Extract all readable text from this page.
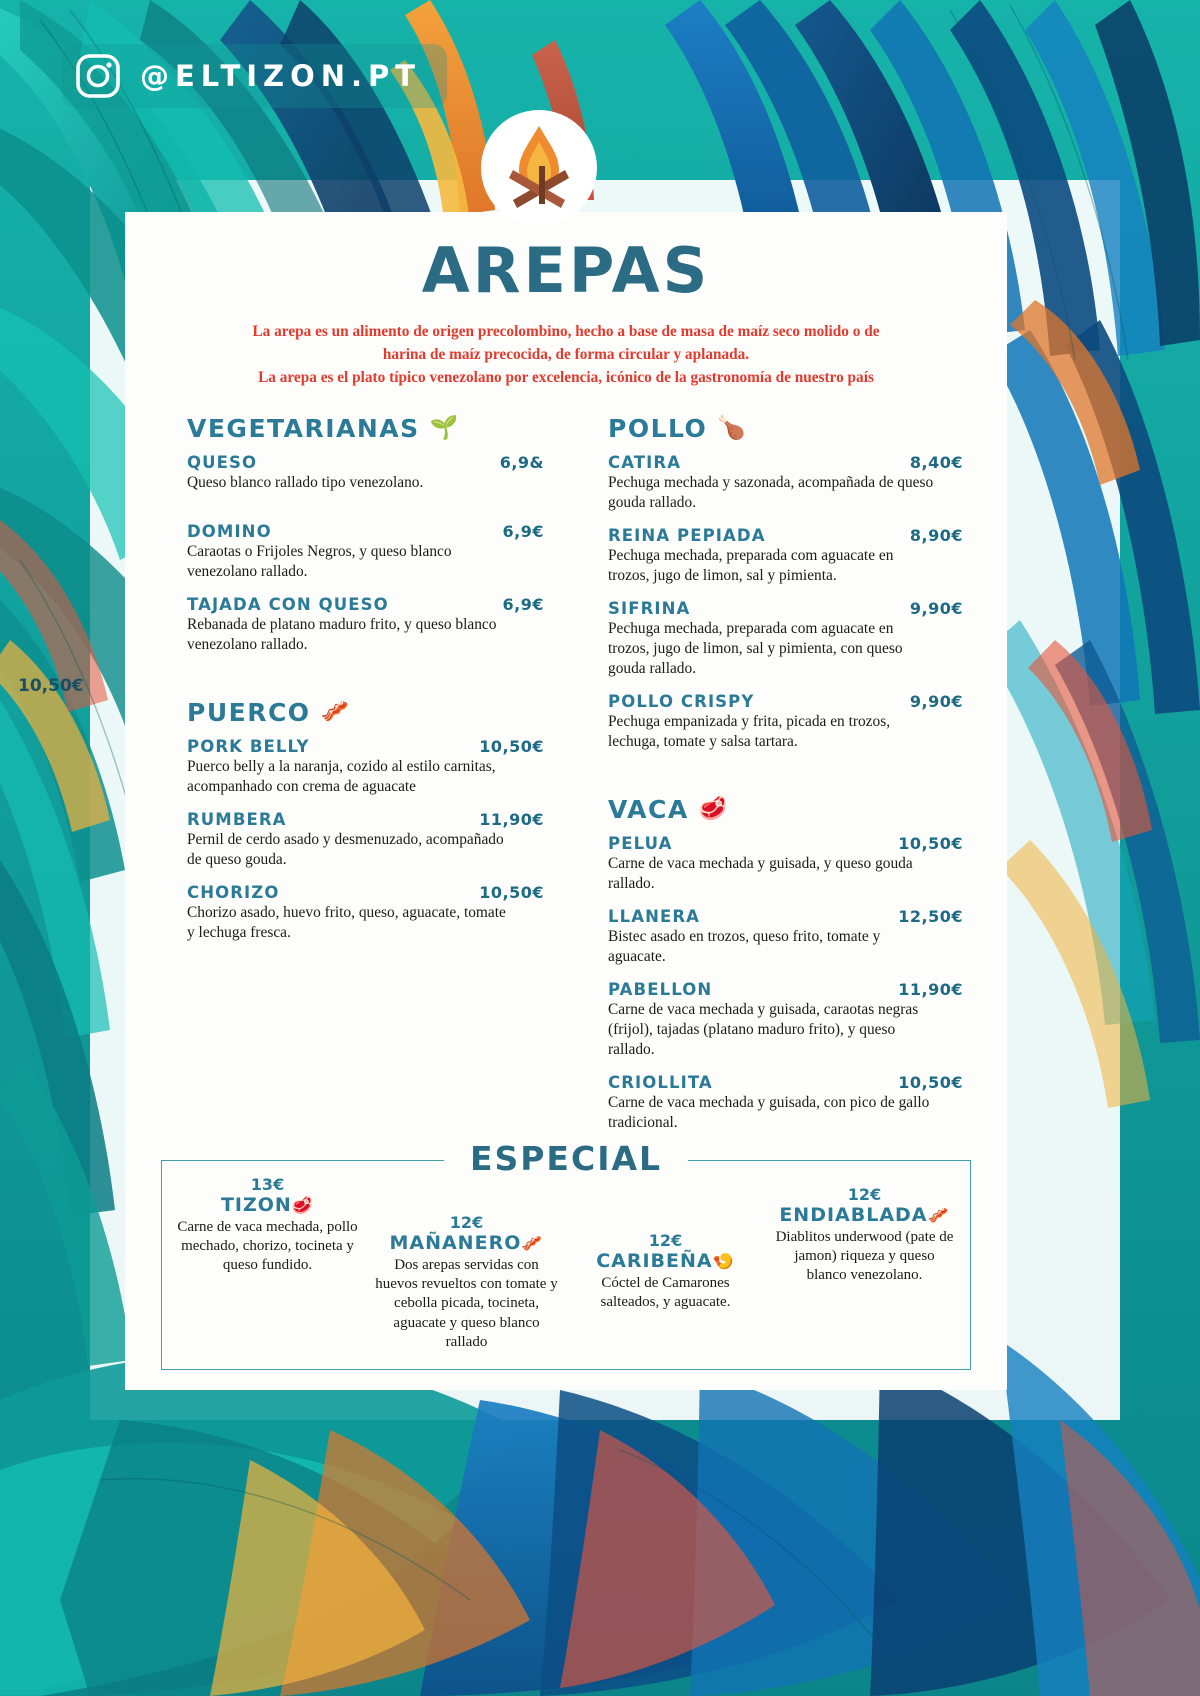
@ELTIZON.PT
10,50€
AREPAS
La arepa es un alimento de origen precolombino, hecho a base de masa de maíz seco molido o de
harina de maíz precocida, de forma circular y aplanada.
La arepa es el plato típico venezolano por excelencia, icónico de la gastronomía de nuestro país
VEGETARIANAS 🌱
QUESO	6,9&
Queso blanco rallado tipo venezolano.
DOMINO	6,9€
Caraotas o Frijoles Negros, y queso blanco venezolano rallado.
TAJADA CON QUESO	6,9€
Rebanada de platano maduro frito, y queso blanco venezolano rallado.
PUERCO 🥓
PORK BELLY	10,50€
Puerco belly a la naranja, cozido al estilo carnitas, acompanhado con crema de aguacate
RUMBERA	11,90€
Pernil de cerdo asado y desmenuzado, acompañado de queso gouda.
CHORIZO	10,50€
Chorizo asado, huevo frito, queso, aguacate, tomate y lechuga fresca.
POLLO 🍗
CATIRA	8,40€
Pechuga mechada y sazonada, acompañada de queso gouda rallado.
REINA PEPIADA	8,90€
Pechuga mechada, preparada com aguacate en trozos, jugo de limon, sal y pimienta.
SIFRINA	9,90€
Pechuga mechada, preparada com aguacate en trozos, jugo de limon, sal y pimienta, con queso gouda rallado.
POLLO CRISPY	9,90€
Pechuga empanizada y frita, picada en trozos, lechuga, tomate y salsa tartara.
VACA 🥩
PELUA	10,50€
Carne de vaca mechada y guisada, y queso gouda rallado.
LLANERA	12,50€
Bistec asado en trozos, queso frito, tomate y aguacate.
PABELLON	11,90€
Carne de vaca mechada y guisada, caraotas negras (frijol), tajadas (platano maduro frito), y queso rallado.
CRIOLLITA	10,50€
Carne de vaca mechada y guisada, con pico de gallo tradicional.
ESPECIAL
13€
TIZON🥩
Carne de vaca mechada, pollo mechado, chorizo, tocineta y queso fundido.
12€
MAÑANERO🥓
Dos arepas servidas con huevos revueltos con tomate y cebolla picada, tocineta, aguacate y queso blanco rallado
12€
CARIBEÑA🍤
Cóctel de Camarones salteados, y aguacate.
12€
ENDIABLADA🥓
Diablitos underwood (pate de jamon) riqueza y queso blanco venezolano.
